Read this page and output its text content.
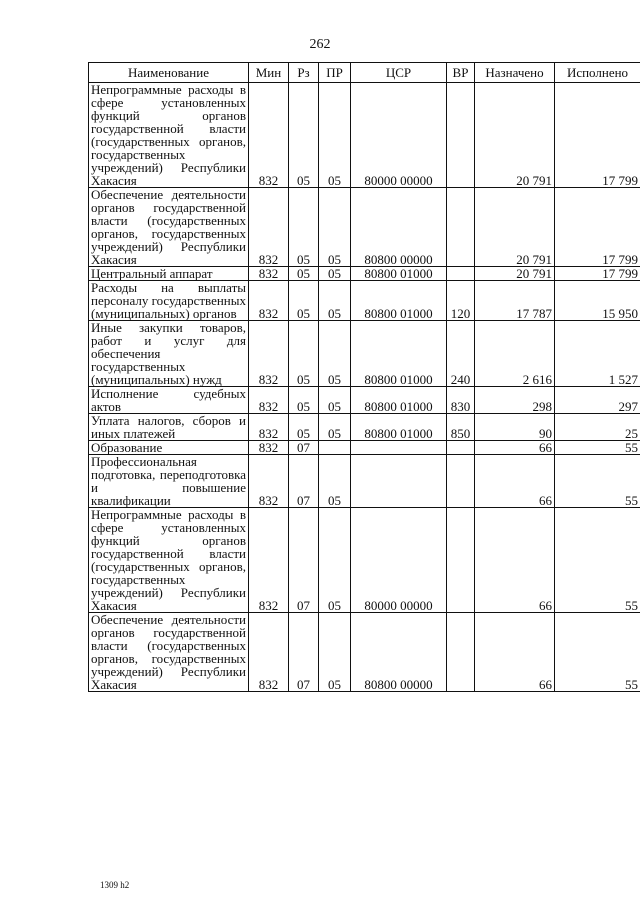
262
Наименование	Мин	Рз	ПР	ЦСР	ВР	Назначено	Исполнено
Непрограммные расходы в сфере установленных функций органов государственной власти (государственных органов, государственных учреждений) Республики Хакасия	832	05	05	80000 00000		20 791	17 799
Обеспечение деятельности органов государственной власти (государственных органов, государственных учреждений) Республики Хакасия	832	05	05	80800 00000		20 791	17 799
Центральный аппарат	832	05	05	80800 01000		20 791	17 799
Расходы на выплаты персоналу государственных (муниципальных) органов	832	05	05	80800 01000	120	17 787	15 950
Иные закупки товаров, работ и услуг для обеспечения государственных (муниципальных) нужд	832	05	05	80800 01000	240	2 616	1 527
Исполнение судебных актов	832	05	05	80800 01000	830	298	297
Уплата налогов, сборов и иных платежей	832	05	05	80800 01000	850	90	25
Образование	832	07				66	55
Профессиональная подготовка, переподготовка и повышение квалификации	832	07	05			66	55
Непрограммные расходы в сфере установленных функций органов государственной власти (государственных органов, государственных учреждений) Республики Хакасия	832	07	05	80000 00000		66	55
Обеспечение деятельности органов государственной власти (государственных органов, государственных учреждений) Республики Хакасия	832	07	05	80800 00000		66	55
1309 h2
